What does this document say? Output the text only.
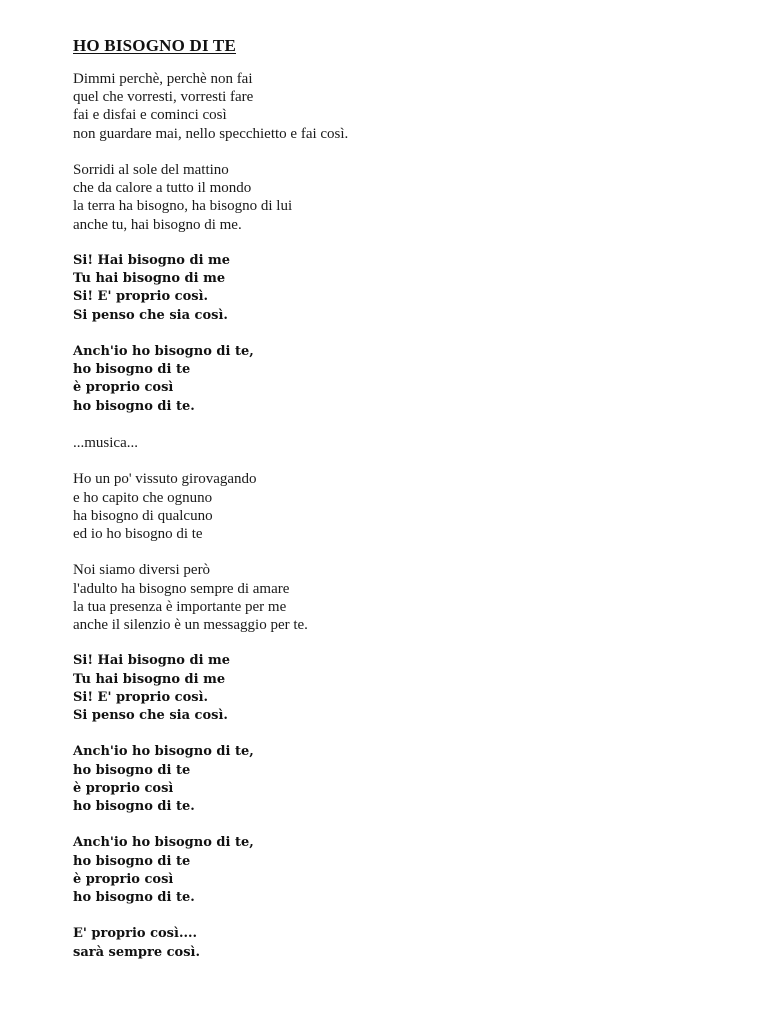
HO BISOGNO DI TE
Dimmi perchè, perchè non fai
quel che vorresti, vorresti fare
fai e disfai e cominci così
non guardare mai, nello specchietto e fai così.
Sorridi al sole del mattino
che da calore a tutto il mondo
la terra ha bisogno, ha bisogno di lui
anche tu, hai bisogno di me.
Si! Hai bisogno di me
Tu hai bisogno di me
Si! E' proprio così.
Si penso che sia così.
Anch'io ho bisogno di te,
ho bisogno di te
è proprio così
ho bisogno di te.
...musica...
Ho un po' vissuto girovagando
e ho capito che ognuno
ha bisogno di qualcuno
ed io ho bisogno di te
Noi siamo diversi però
l'adulto ha bisogno sempre di amare
la tua presenza è importante per me
anche il silenzio è un messaggio per te.
Si! Hai bisogno di me
Tu hai bisogno di me
Si! E' proprio così.
Si penso che sia così.
Anch'io ho bisogno di te,
ho bisogno di te
è proprio così
ho bisogno di te.
Anch'io ho bisogno di te,
ho bisogno di te
è proprio così
ho bisogno di te.
E' proprio così....
sarà sempre così.
